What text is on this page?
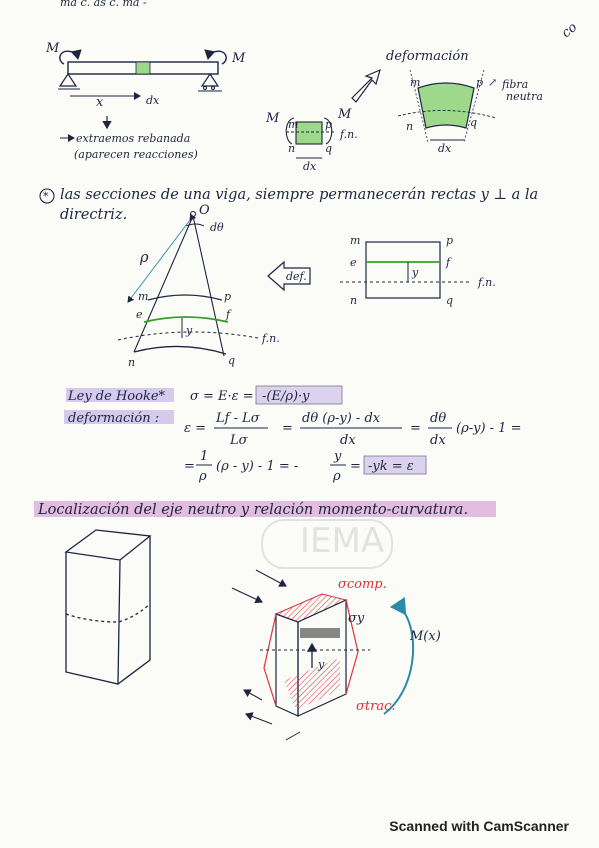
IEMA
ma c. as c. ma -
M
M
x	dx
extraemos rebanada
(aparecen reacciones)
M	M
m p
n	q
f.n.
dx
deformación
m	p
n	q
↗ fibra
neutra
dx
co
* las secciones de una viga, siempre permanecerán rectas y ⊥ a la
directriz.	O
dθ
ρ
m	p
e	f
y
f.n.
n	q
def.	y
m	p
e	f
f.n.
n	q
Ley de Hooke* σ = E·ε = -(E/ρ)·y
deformación :
ε =
Lf - Lσ
Lσ
=
dθ (ρ-y) - dx
dx
=
dθ
dx
(ρ-y) - 1 =
=
1
ρ
(ρ - y) - 1 = -
y
ρ
= -yk = ε
Localización del eje neutro y relación momento-curvatura.
y
σcomp.
σy
σtrac.
M(x)
Scanned with CamScanner
